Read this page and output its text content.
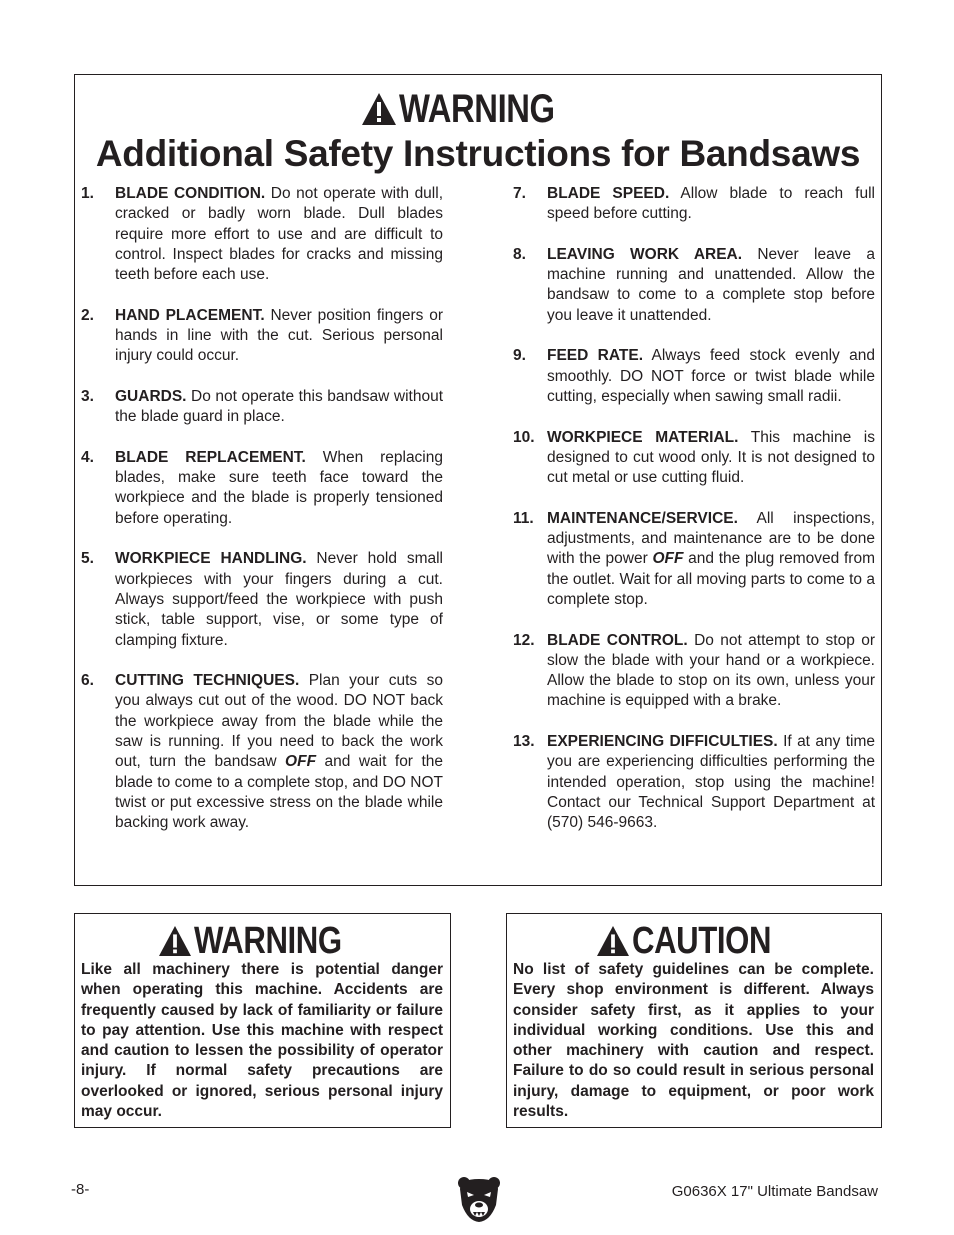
WARNING
Additional Safety Instructions for Bandsaws
1.	BLADE CONDITION. Do not operate with dull, cracked or badly worn blade. Dull blades require more effort to use and are difficult to control. Inspect blades for cracks and missing teeth before each use.
2.	HAND PLACEMENT. Never position fingers or hands in line with the cut. Serious personal injury could occur.
3.	GUARDS. Do not operate this bandsaw without the blade guard in place.
4.	BLADE REPLACEMENT. When replacing blades, make sure teeth face toward the workpiece and the blade is properly tensioned before operating.
5.	WORKPIECE HANDLING. Never hold small workpieces with your fingers during a cut. Always support/feed the workpiece with push stick, table support, vise, or some type of clamping fixture.
6.	CUTTING TECHNIQUES. Plan your cuts so you always cut out of the wood. DO NOT back the workpiece away from the blade while the saw is running. If you need to back the work out, turn the bandsaw OFF and wait for the blade to come to a complete stop, and DO NOT twist or put excessive stress on the blade while backing work away.
7.	BLADE SPEED. Allow blade to reach full speed before cutting.
8.	LEAVING WORK AREA. Never leave a machine running and unattended. Allow the bandsaw to come to a complete stop before you leave it unattended.
9.	FEED RATE. Always feed stock evenly and smoothly. DO NOT force or twist blade while cutting, especially when sawing small radii.
10. WORKPIECE MATERIAL. This machine is designed to cut wood only. It is not designed to cut metal or use cutting fluid.
11. MAINTENANCE/SERVICE. All inspections, adjustments, and maintenance are to be done with the power OFF and the plug removed from the outlet. Wait for all moving parts to come to a complete stop.
12. BLADE CONTROL. Do not attempt to stop or slow the blade with your hand or a workpiece. Allow the blade to stop on its own, unless your machine is equipped with a brake.
13. EXPERIENCING DIFFICULTIES. If at any time you are experiencing difficulties performing the intended operation, stop using the machine! Contact our Technical Support Department at (570) 546-9663.
WARNING
Like all machinery there is potential danger when operating this machine. Accidents are frequently caused by lack of familiarity or failure to pay attention. Use this machine with respect and caution to lessen the possibility of operator injury. If normal safety precautions are overlooked or ignored, serious personal injury may occur.
CAUTION
No list of safety guidelines can be complete. Every shop environment is different. Always consider safety first, as it applies to your individual working conditions. Use this and other machinery with caution and respect. Failure to do so could result in serious personal injury, damage to equipment, or poor work results.
-8-	G0636X 17" Ultimate Bandsaw
